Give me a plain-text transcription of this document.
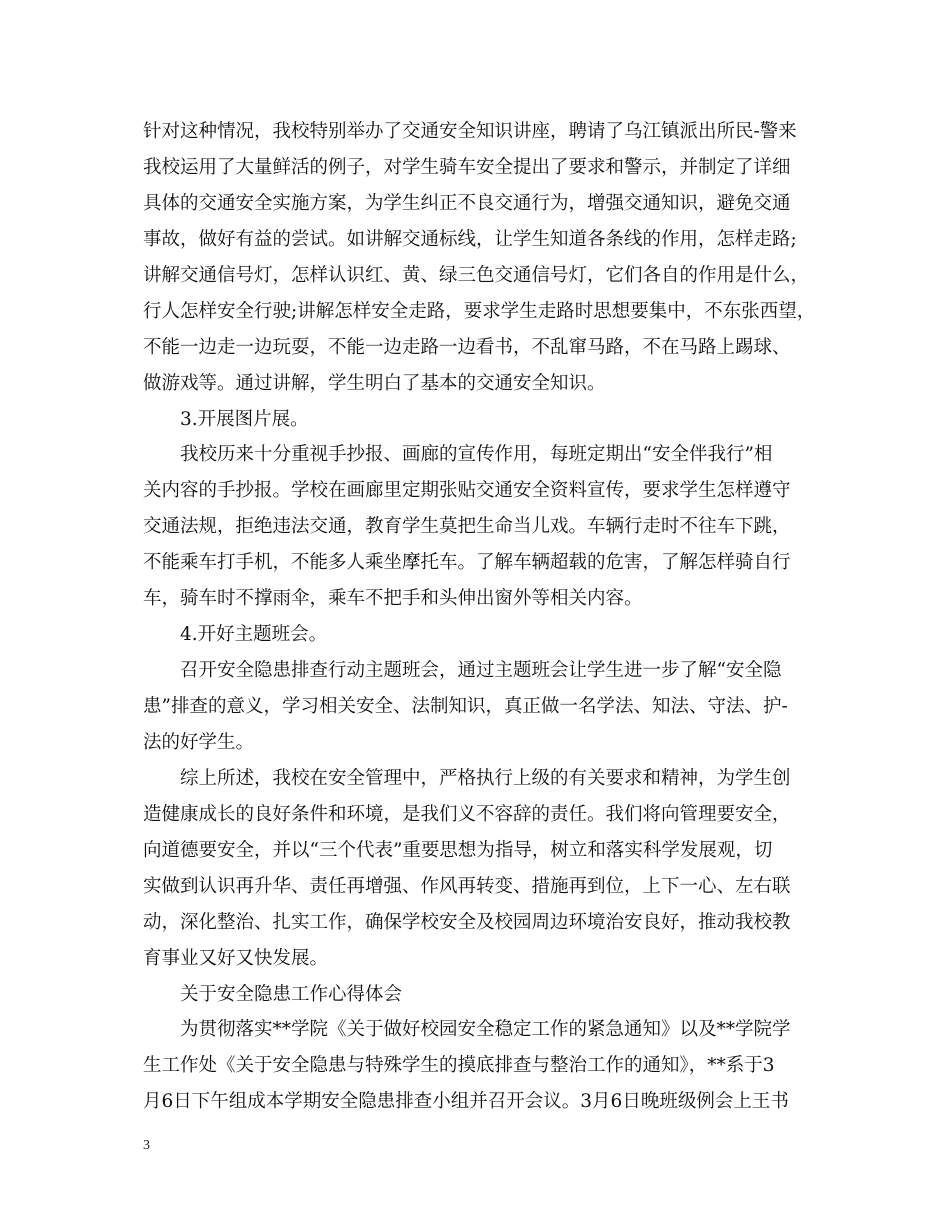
针对这种情况，我校特别举办了交通安全知识讲座，聘请了乌江镇派出所民-警来
我校运用了大量鲜活的例子，对学生骑车安全提出了要求和警示，并制定了详细
具体的交通安全实施方案，为学生纠正不良交通行为，增强交通知识，避免交通
事故，做好有益的尝试。如讲解交通标线，让学生知道各条线的作用，怎样走路;
讲解交通信号灯，怎样认识红、黄、绿三色交通信号灯，它们各自的作用是什么，
行人怎样安全行驶;讲解怎样安全走路，要求学生走路时思想要集中，不东张西望，
不能一边走一边玩耍，不能一边走路一边看书，不乱窜马路，不在马路上踢球、
做游戏等。通过讲解，学生明白了基本的交通安全知识。
3.开展图片展。
我校历来十分重视手抄报、画廊的宣传作用，每班定期出“安全伴我行”相
关内容的手抄报。学校在画廊里定期张贴交通安全资料宣传，要求学生怎样遵守
交通法规，拒绝违法交通，教育学生莫把生命当儿戏。车辆行走时不往车下跳，
不能乘车打手机，不能多人乘坐摩托车。了解车辆超载的危害，了解怎样骑自行
车，骑车时不撑雨伞，乘车不把手和头伸出窗外等相关内容。
4.开好主题班会。
召开安全隐患排查行动主题班会，通过主题班会让学生进一步了解“安全隐
患”排查的意义，学习相关安全、法制知识，真正做一名学法、知法、守法、护-
法的好学生。
综上所述，我校在安全管理中，严格执行上级的有关要求和精神，为学生创
造健康成长的良好条件和环境，是我们义不容辞的责任。我们将向管理要安全，
向道德要安全，并以“三个代表”重要思想为指导，树立和落实科学发展观，切
实做到认识再升华、责任再增强、作风再转变、措施再到位，上下一心、左右联
动，深化整治、扎实工作，确保学校安全及校园周边环境治安良好，推动我校教
育事业又好又快发展。
关于安全隐患工作心得体会
为贯彻落实**学院《关于做好校园安全稳定工作的紧急通知》以及**学院学
生工作处《关于安全隐患与特殊学生的摸底排查与整治工作的通知》，**系于3
月6日下午组成本学期安全隐患排查小组并召开会议。3月6日晚班级例会上王书
3
